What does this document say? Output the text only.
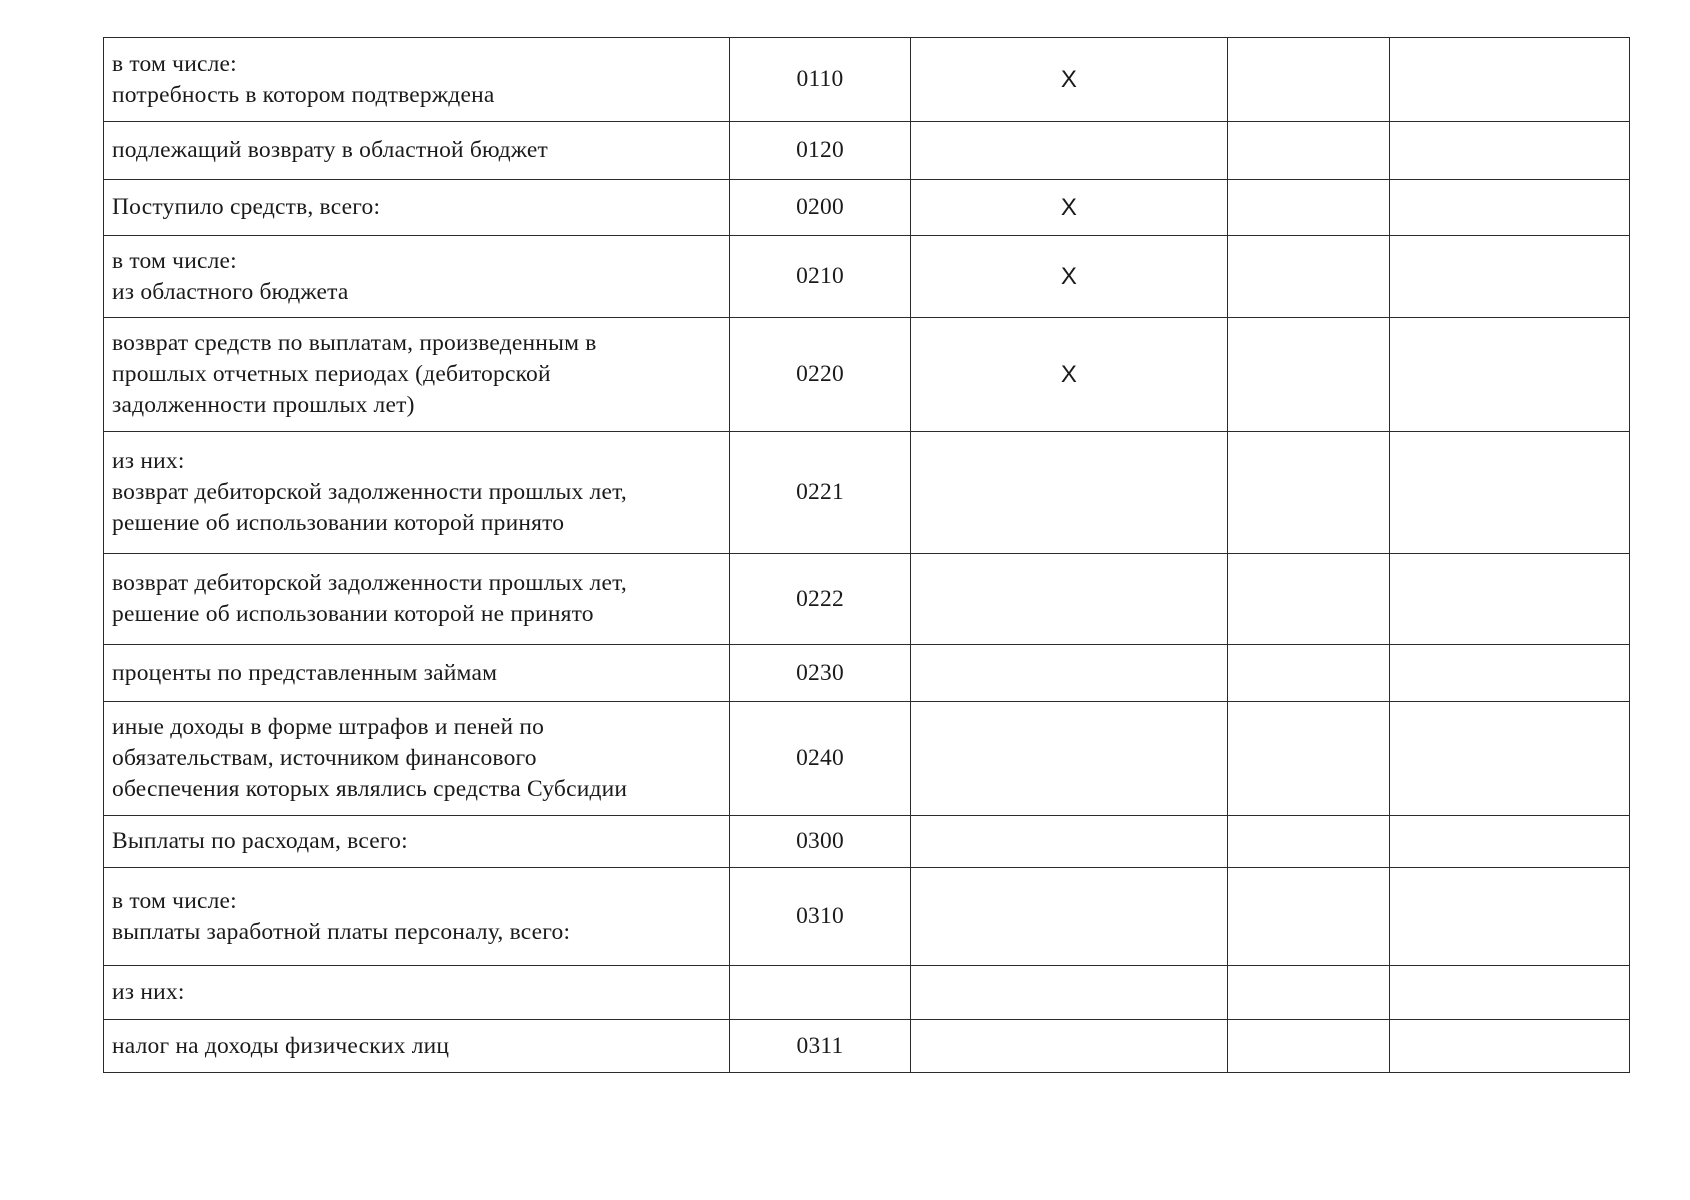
в том числе:
потребность в котором подтверждена	0110	X		

подлежащий возврату в областной бюджет	0120			

Поступило средств, всего:	0200	X		

в том числе:
из областного бюджета	0210	X		

возврат средств по выплатам, произведенным в
прошлых отчетных периодах (дебиторской
задолженности прошлых лет)	0220	X		

из них:
возврат дебиторской задолженности прошлых лет,
решение об использовании которой принято	0221			

возврат дебиторской задолженности прошлых лет,
решение об использовании которой не принято	0222			

проценты по представленным займам	0230			

иные доходы в форме штрафов и пеней по
обязательствам, источником финансового
обеспечения которых являлись средства Субсидии	0240			

Выплаты по расходам, всего:	0300			

в том числе:
выплаты заработной платы персоналу, всего:	0310			

из них:				

налог на доходы физических лиц	0311			
